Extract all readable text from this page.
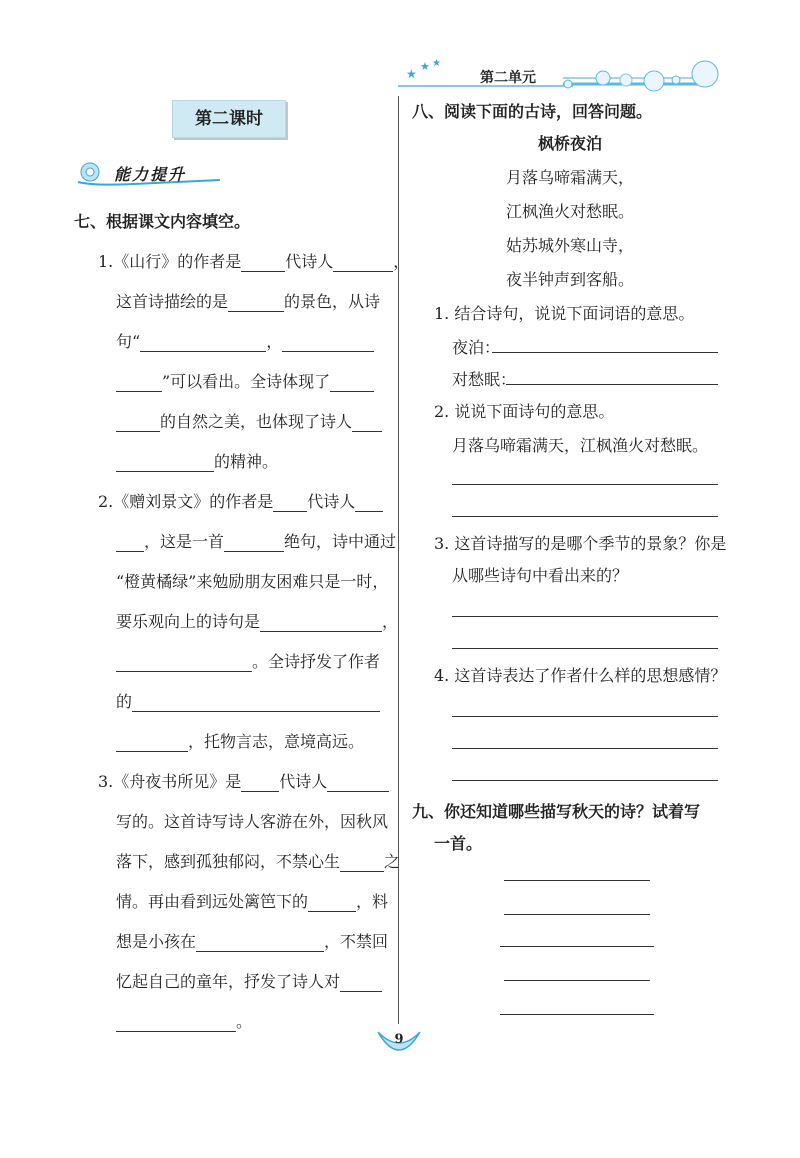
★
★ ★
第二单元
第二课时
能力提升
七、根据课文内容填空。
1.《山行》的作者是	代诗人	，
这首诗描绘的是	的景色，从诗
句“	，
”可以看出。全诗体现了
的自然之美，也体现了诗人
的精神。
2.《赠刘景文》的作者是 代诗人
，这是一首	绝句，诗中通过
“橙黄橘绿”来勉励朋友困难只是一时，
要乐观向上的诗句是	，
。全诗抒发了作者
的
，托物言志，意境高远。
3.《舟夜书所见》是 代诗人
写的。这首诗写诗人客游在外，因秋风
落下，感到孤独郁闷，不禁心生	之
情。再由看到远处篱笆下的	，料
想是小孩在	，不禁回
忆起自己的童年，抒发了诗人对
。
八、阅读下面的古诗，回答问题。
枫桥夜泊
月落乌啼霜满天，
江枫渔火对愁眠。
姑苏城外寒山寺，
夜半钟声到客船。
1. 结合诗句，说说下面词语的意思。
夜泊：
对愁眠：
2. 说说下面诗句的意思。
月落乌啼霜满天，江枫渔火对愁眠。
3. 这首诗描写的是哪个季节的景象？你是
从哪些诗句中看出来的？
4. 这首诗表达了作者什么样的思想感情？
九、你还知道哪些描写秋天的诗？试着写
一首。
9
